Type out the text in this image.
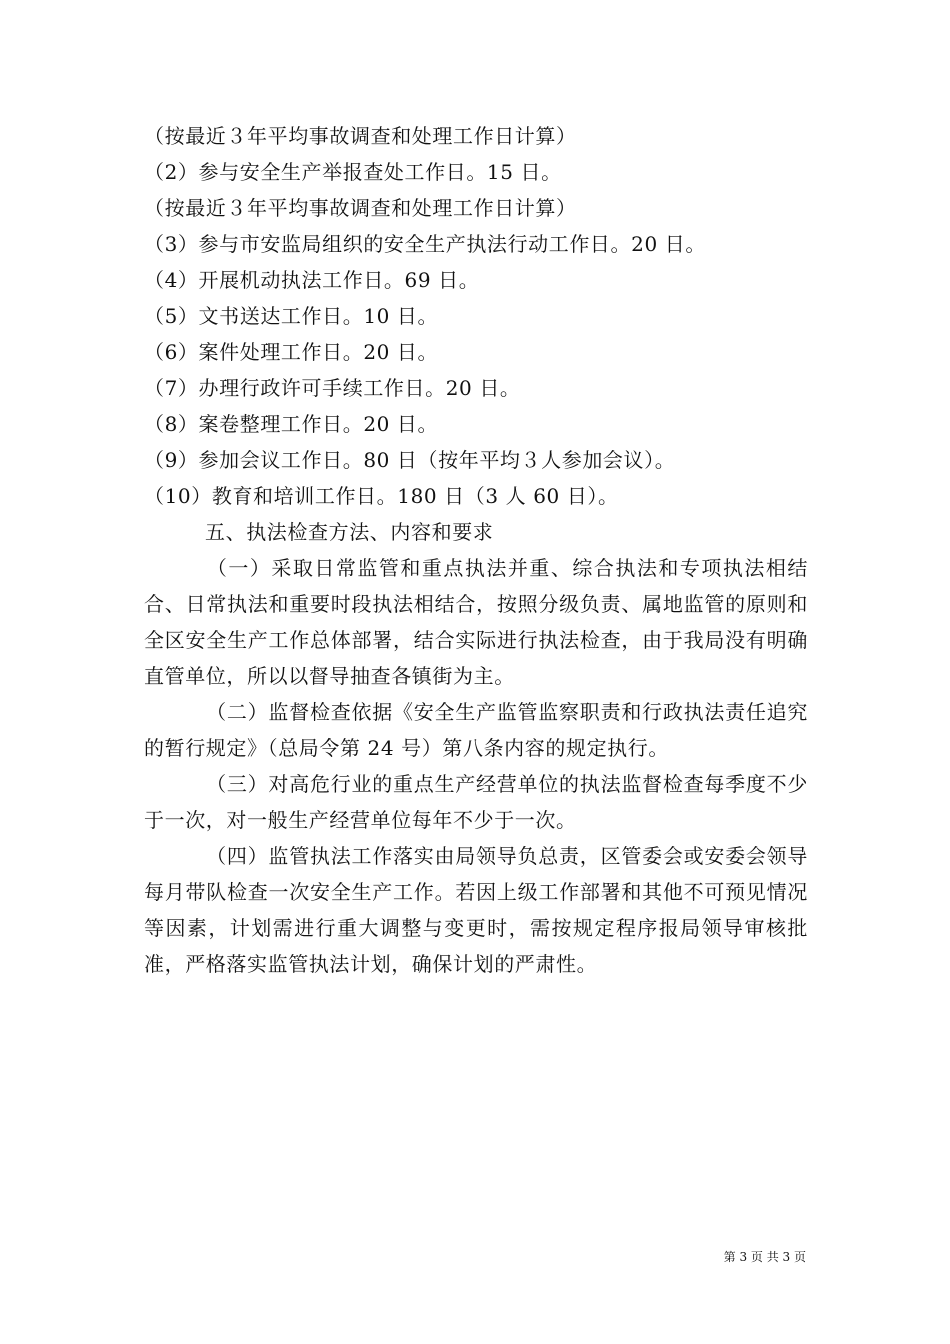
（按最近３年平均事故调查和处理工作日计算）
（2）参与安全生产举报查处工作日。15 日。
（按最近３年平均事故调查和处理工作日计算）
（3）参与市安监局组织的安全生产执法行动工作日。20 日。
（4）开展机动执法工作日。69 日。
（5）文书送达工作日。10 日。
（6）案件处理工作日。20 日。
（7）办理行政许可手续工作日。20 日。
（8）案卷整理工作日。20 日。
（9）参加会议工作日。80 日（按年平均３人参加会议）。
（10）教育和培训工作日。180 日（3 人 60 日）。
五、执法检查方法、内容和要求
（一）采取日常监管和重点执法并重、综合执法和专项执法相结合、日常执法和重要时段执法相结合，按照分级负责、属地监管的原则和全区安全生产工作总体部署，结合实际进行执法检查，由于我局没有明确直管单位，所以以督导抽查各镇街为主。
（二）监督检查依据《安全生产监管监察职责和行政执法责任追究的暂行规定》（总局令第 24 号）第八条内容的规定执行。
（三）对高危行业的重点生产经营单位的执法监督检查每季度不少于一次，对一般生产经营单位每年不少于一次。
（四）监管执法工作落实由局领导负总责，区管委会或安委会领导每月带队检查一次安全生产工作。若因上级工作部署和其他不可预见情况等因素，计划需进行重大调整与变更时，需按规定程序报局领导审核批准，严格落实监管执法计划，确保计划的严肃性。
第 3 页 共 3 页
